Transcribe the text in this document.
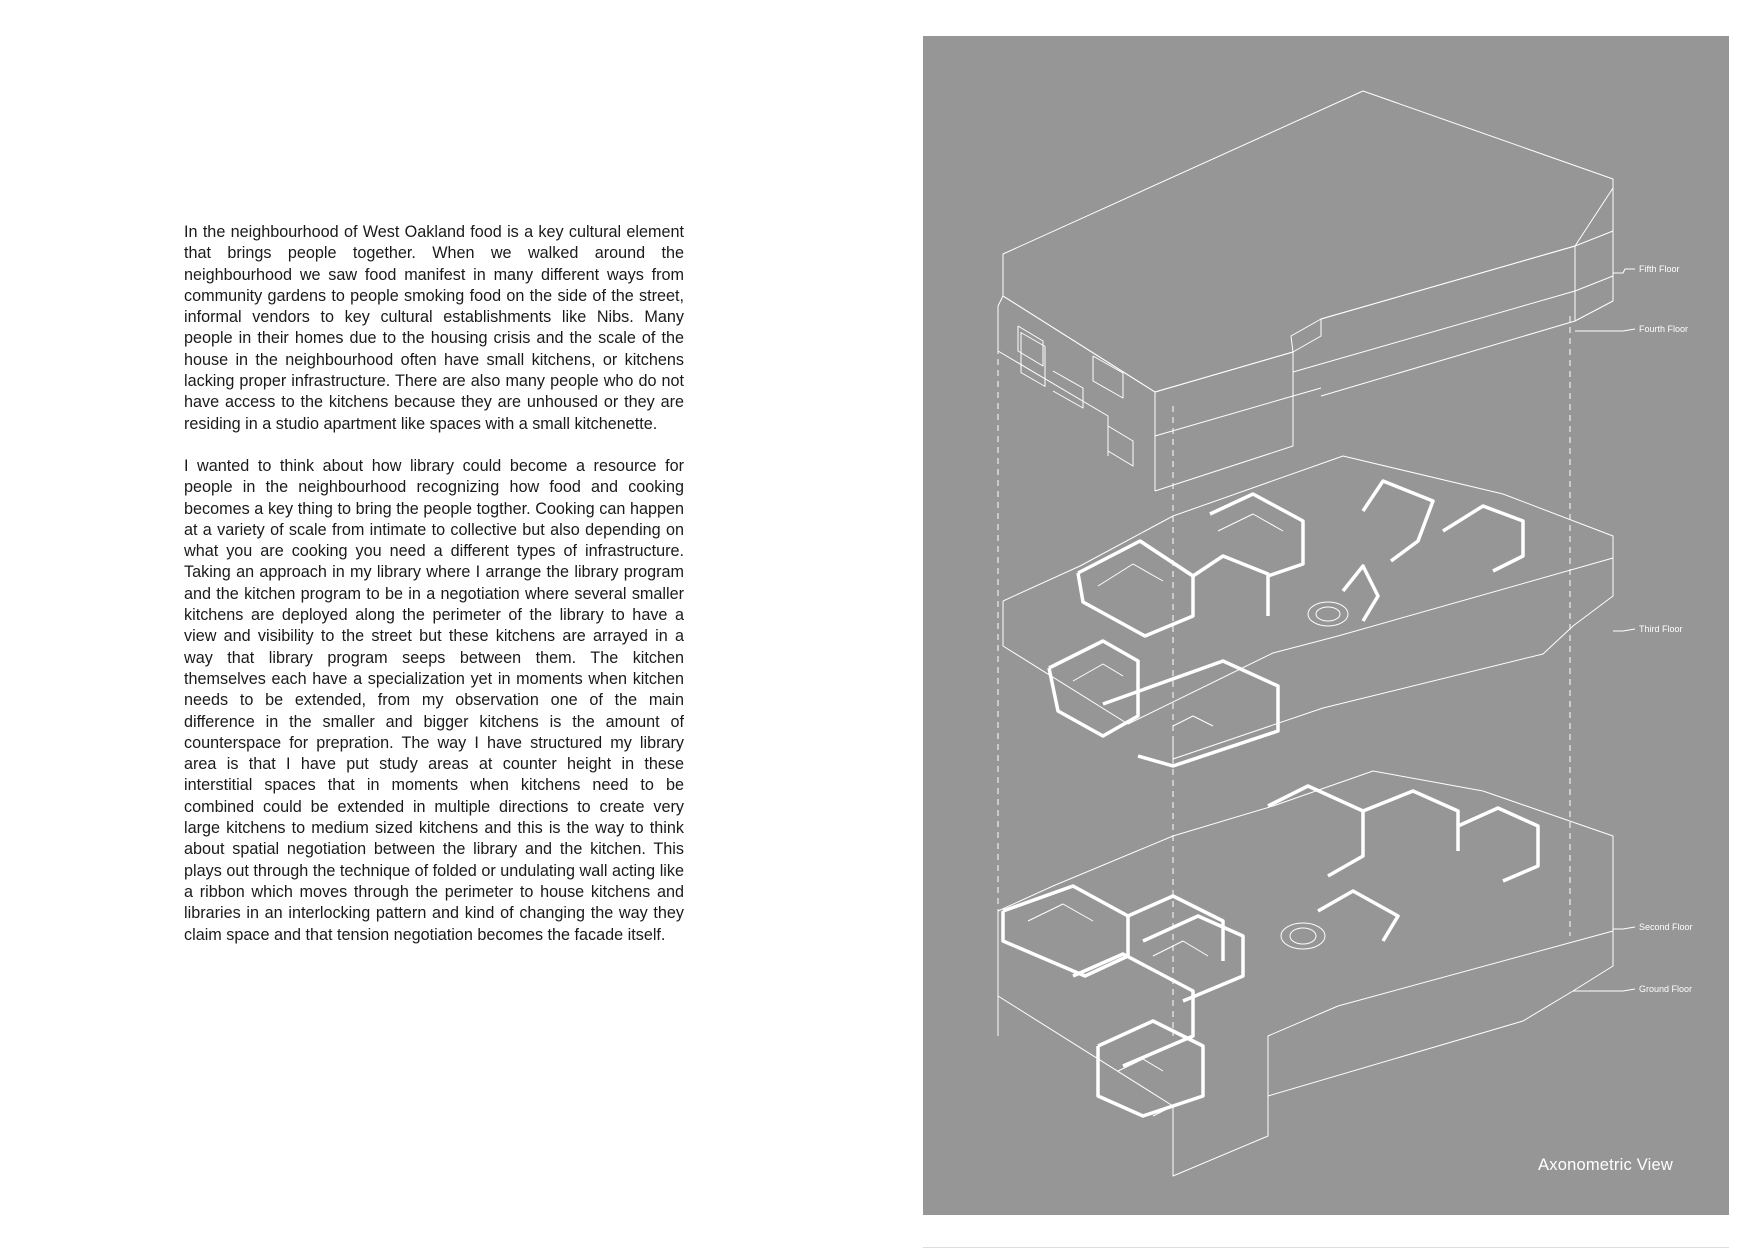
In the neighbourhood of West Oakland food is a key cultural element that brings people together. When we walked around the neighbourhood we saw food manifest in many different ways from community gardens to people smoking food on the side of the street, informal vendors to key cultural establishments like Nibs. Many people in their homes due to the housing crisis and the scale of the house in the neighbourhood often have small kitchens, or kitchens lacking proper infrastructure. There are also many people who do not have access to the kitchens because they are unhoused or they are residing in a studio apartment like spaces with a small kitchenette.

I wanted to think about how library could become a resource for people in the neighbourhood recognizing how food and cooking becomes a key thing to bring the people togther. Cooking can happen at a variety of scale from intimate to collective but also depending on what you are cooking you need a different types of infrastructure. Taking an approach in my library where I arrange the library program and the kitchen program to be in a negotiation where several smaller kitchens are deployed along the perimeter of the library to have a view and visibility to the street but these kitchens are arrayed in a way that library program seeps between them. The kitchen themselves each have a specialization yet in moments when kitchen needs to be extended, from my observation one of the main difference in the smaller and bigger kitchens is the amount of counterspace for prepration. The way I have structured my library area is that I have put study areas at counter height in these interstitial spaces that in moments when kitchens need to be combined could be extended in multiple directions to create very large kitchens to medium sized kitchens and this is the way to think about spatial negotiation between the library and the kitchen. This plays out through the technique of folded or undulating wall acting like a ribbon which moves through the perimeter to house kitchens and libraries in an interlocking pattern and kind of changing the way they claim space and that tension negotiation becomes the facade itself.

Fifth Floor
Fourth Floor
Third Floor
Second Floor
Ground Floor
Axonometric View
